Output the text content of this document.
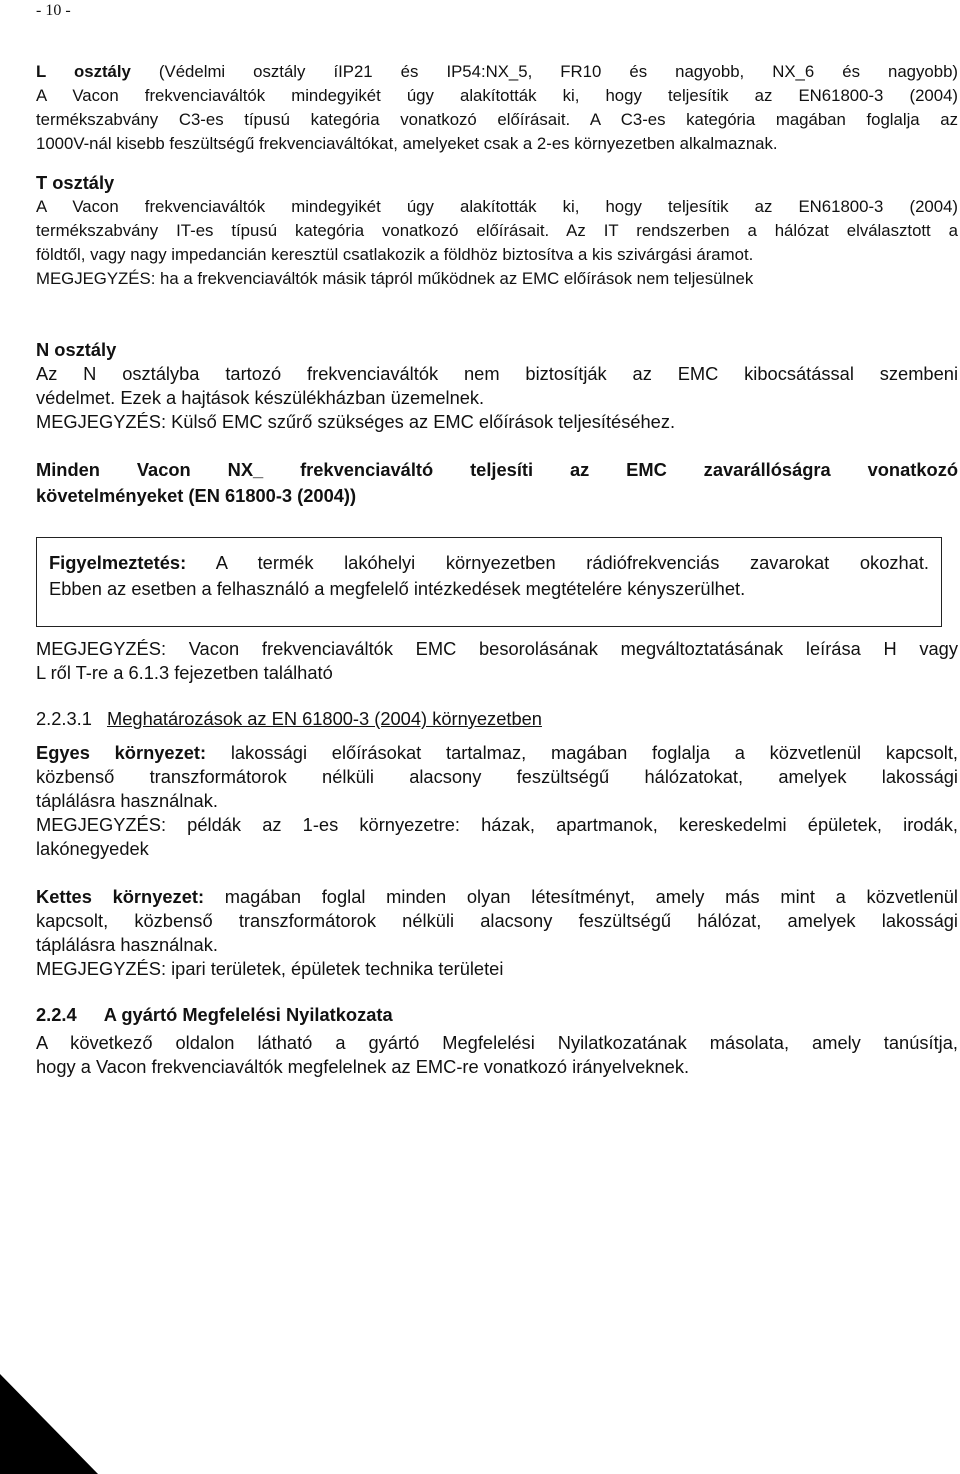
- 10 -
L osztály (Védelmi osztály íIP21 és IP54:NX_5, FR10 és nagyobb, NX_6 és nagyobb)
A Vacon frekvenciaváltók mindegyikét úgy alakították ki, hogy teljesítik az EN61800-3 (2004)
termékszabvány C3-es típusú kategória vonatkozó előírásait. A C3-es kategória magában foglalja az
1000V-nál kisebb feszültségű frekvenciaváltókat, amelyeket csak a 2-es környezetben alkalmaznak.
T osztály
A Vacon frekvenciaváltók mindegyikét úgy alakították ki, hogy teljesítik az EN61800-3 (2004)
termékszabvány IT-es típusú kategória vonatkozó előírásait. Az IT rendszerben a hálózat elválasztott a
földtől, vagy nagy impedancián keresztül csatlakozik a földhöz biztosítva a kis szivárgási áramot.
MEGJEGYZÉS: ha a frekvenciaváltók másik tápról működnek az EMC előírások nem teljesülnek
N osztály
Az N osztályba tartozó frekvenciaváltók nem biztosítják az EMC kibocsátással szembeni
védelmet. Ezek a hajtások készülékházban üzemelnek.
MEGJEGYZÉS: Külső EMC szűrő szükséges az EMC előírások teljesítéséhez.
Minden Vacon NX_ frekvenciaváltó teljesíti az EMC zavarállóságra vonatkozó
követelményeket (EN 61800-3 (2004))
Figyelmeztetés: A termék lakóhelyi környezetben rádiófrekvenciás zavarokat okozhat.
Ebben az esetben a felhasználó a megfelelő intézkedések megtételére kényszerülhet.
MEGJEGYZÉS: Vacon frekvenciaváltók EMC besorolásának megváltoztatásának leírása H vagy
L ről T-re a 6.1.3 fejezetben található
2.2.3.1 Meghatározások az EN 61800-3 (2004) környezetben
Egyes környezet: lakossági előírásokat tartalmaz, magában foglalja a közvetlenül kapcsolt,
közbenső transzformátorok nélküli alacsony feszültségű hálózatokat, amelyek lakossági
táplálásra használnak.
MEGJEGYZÉS: példák az 1-es környezetre: házak, apartmanok, kereskedelmi épületek, irodák,
lakónegyedek
Kettes környezet: magában foglal minden olyan létesítményt, amely más mint a közvetlenül
kapcsolt, közbenső transzformátorok nélküli alacsony feszültségű hálózat, amelyek lakossági
táplálásra használnak.
MEGJEGYZÉS: ipari területek, épületek technika területei
2.2.4 A gyártó Megfelelési Nyilatkozata
A következő oldalon látható a gyártó Megfelelési Nyilatkozatának másolata, amely tanúsítja,
hogy a Vacon frekvenciaváltók megfelelnek az EMC-re vonatkozó irányelveknek.
2
